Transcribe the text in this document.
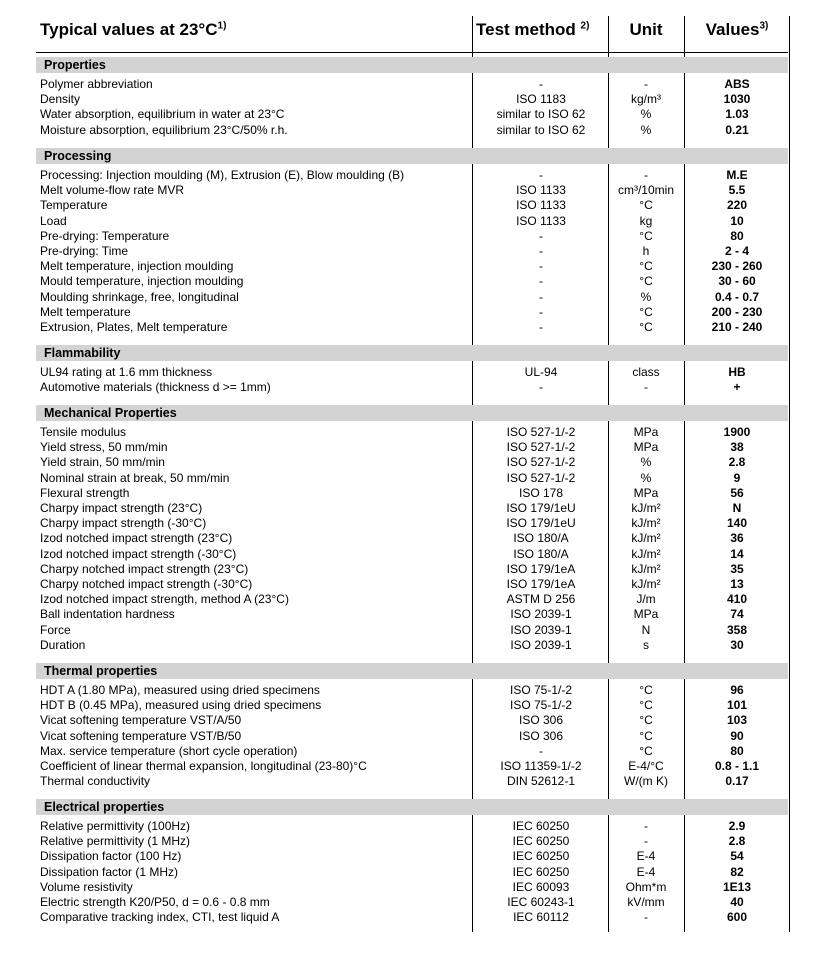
Typical values at $23^\circ C^{1)}$	Test method $^{2)}$	Unit	Values$^{3)}$
Properties
Polymer abbreviation	-	-	ABS
Density	ISO 1183	kg/m³	1030
Water absorption, equilibrium in water at 23°C	similar to ISO 62	%	1.03
Moisture absorption, equilibrium 23°C/50% r.h.	similar to ISO 62	%	0.21
Processing
Processing: Injection moulding (M), Extrusion (E), Blow moulding (B)	-	-	M.E
Melt volume-flow rate MVR	ISO 1133	cm³/10min	5.5
Temperature	ISO 1133	°C	220
Load	ISO 1133	kg	10
Pre-drying: Temperature	-	°C	80
Pre-drying: Time	-	h	2 - 4
Melt temperature, injection moulding	-	°C	230 - 260
Mould temperature, injection moulding	-	°C	30 - 60
Moulding shrinkage, free, longitudinal	-	%	0.4 - 0.7
Melt temperature	-	°C	200 - 230
Extrusion, Plates, Melt temperature	-	°C	210 - 240
Flammability
UL94 rating at 1.6 mm thickness	UL-94	class	HB
Automotive materials (thickness d >= 1mm)	-	-	+
Mechanical Properties
Tensile modulus	ISO 527-1/-2	MPa	1900
Yield stress, 50 mm/min	ISO 527-1/-2	MPa	38
Yield strain, 50 mm/min	ISO 527-1/-2	%	2.8
Nominal strain at break, 50 mm/min	ISO 527-1/-2	%	9
Flexural strength	ISO 178	MPa	56
Charpy impact strength (23°C)	ISO 179/1eU	kJ/m²	N
Charpy impact strength (-30°C)	ISO 179/1eU	kJ/m²	140
Izod notched impact strength (23°C)	ISO 180/A	kJ/m²	36
Izod notched impact strength (-30°C)	ISO 180/A	kJ/m²	14
Charpy notched impact strength (23°C)	ISO 179/1eA	kJ/m²	35
Charpy notched impact strength (-30°C)	ISO 179/1eA	kJ/m²	13
Izod notched impact strength, method A (23°C)	ASTM D 256	J/m	410
Ball indentation hardness	ISO 2039-1	MPa	74
Force	ISO 2039-1	N	358
Duration	ISO 2039-1	s	30
Thermal properties
HDT A (1.80 MPa), measured using dried specimens	ISO 75-1/-2	°C	96
HDT B (0.45 MPa), measured using dried specimens	ISO 75-1/-2	°C	101
Vicat softening temperature VST/A/50	ISO 306	°C	103
Vicat softening temperature VST/B/50	ISO 306	°C	90
Max. service temperature (short cycle operation)	-	°C	80
Coefficient of linear thermal expansion, longitudinal (23-80)°C	ISO 11359-1/-2	E-4/°C	0.8 - 1.1
Thermal conductivity	DIN 52612-1	W/(m K)	0.17
Electrical properties
Relative permittivity (100Hz)	IEC 60250	-	2.9
Relative permittivity (1 MHz)	IEC 60250	-	2.8
Dissipation factor (100 Hz)	IEC 60250	E-4	54
Dissipation factor (1 MHz)	IEC 60250	E-4	82
Volume resistivity	IEC 60093	Ohm*m	1E13
Electric strength K20/P50, d = 0.6 - 0.8 mm	IEC 60243-1	kV/mm	40
Comparative tracking index, CTI, test liquid A	IEC 60112	-	600
